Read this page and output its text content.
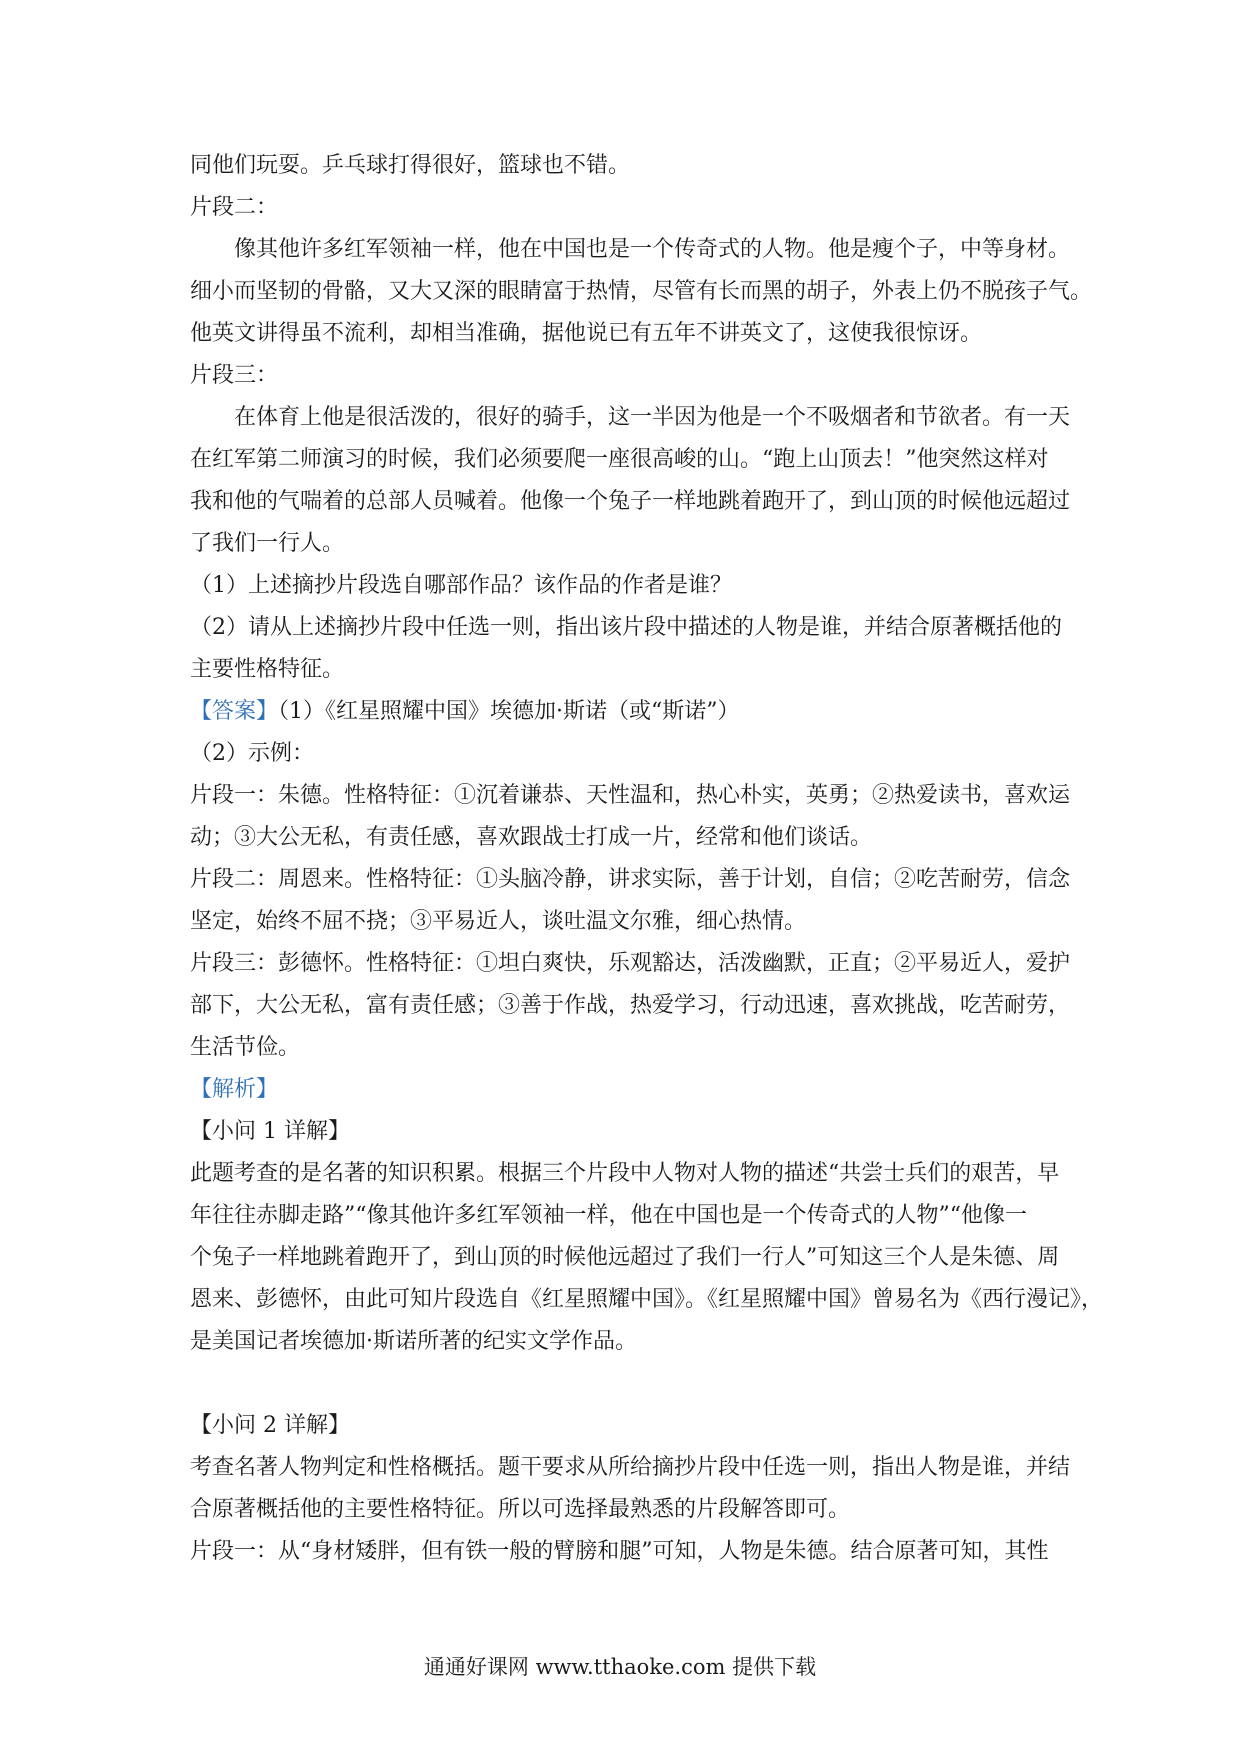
同他们玩耍。乒乓球打得很好，篮球也不错。

片段二：

像其他许多红军领袖一样，他在中国也是一个传奇式的人物。他是瘦个子，中等身材。

细小而坚韧的骨骼，又大又深的眼睛富于热情，尽管有长而黑的胡子，外表上仍不脱孩子气。

他英文讲得虽不流利，却相当准确，据他说已有五年不讲英文了，这使我很惊讶。

片段三：

在体育上他是很活泼的，很好的骑手，这一半因为他是一个不吸烟者和节欲者。有一天

在红军第二师演习的时候，我们必须要爬一座很高峻的山。“跑上山顶去！”他突然这样对

我和他的气喘着的总部人员喊着。他像一个兔子一样地跳着跑开了，到山顶的时候他远超过

了我们一行人。

（1）上述摘抄片段选自哪部作品？该作品的作者是谁？

（2）请从上述摘抄片段中任选一则，指出该片段中描述的人物是谁，并结合原著概括他的

主要性格特征。

【答案】（1）《红星照耀中国》埃德加·斯诺（或“斯诺”）

（2）示例：

片段一：朱德。性格特征：①沉着谦恭、天性温和，热心朴实，英勇；②热爱读书，喜欢运

动；③大公无私，有责任感，喜欢跟战士打成一片，经常和他们谈话。

片段二：周恩来。性格特征：①头脑冷静，讲求实际，善于计划，自信；②吃苦耐劳，信念

坚定，始终不屈不挠；③平易近人，谈吐温文尔雅，细心热情。

片段三：彭德怀。性格特征：①坦白爽快，乐观豁达，活泼幽默，正直；②平易近人，爱护

部下，大公无私，富有责任感；③善于作战，热爱学习，行动迅速，喜欢挑战，吃苦耐劳，

生活节俭。

【解析】

【小问 1 详解】

此题考查的是名著的知识积累。根据三个片段中人物对人物的描述“共尝士兵们的艰苦，早

年往往赤脚走路”“像其他许多红军领袖一样，他在中国也是一个传奇式的人物”“他像一

个兔子一样地跳着跑开了，到山顶的时候他远超过了我们一行人”可知这三个人是朱德、周

恩来、彭德怀，由此可知片段选自《红星照耀中国》。《红星照耀中国》曾易名为《西行漫记》，

是美国记者埃德加·斯诺所著的纪实文学作品。

【小问 2 详解】

考查名著人物判定和性格概括。题干要求从所给摘抄片段中任选一则，指出人物是谁，并结

合原著概括他的主要性格特征。所以可选择最熟悉的片段解答即可。

片段一：从“身材矮胖，但有铁一般的臂膀和腿”可知，人物是朱德。结合原著可知，其性

通通好课网 www.tthaoke.com 提供下载
